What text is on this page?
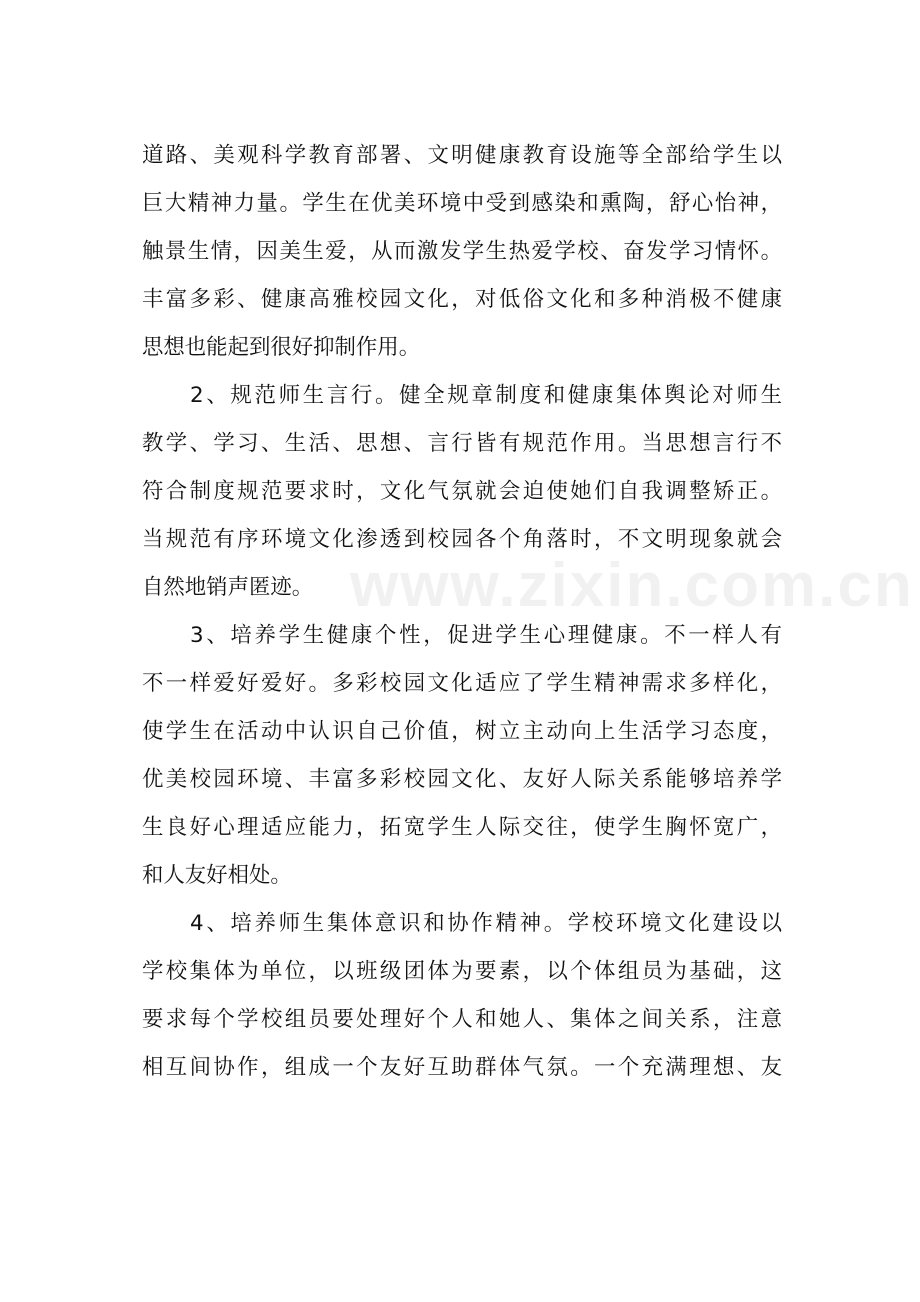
www.zixin.com.cn
道路、美观科学教育部署、文明健康教育设施等全部给学生以
巨大精神力量。学生在优美环境中受到感染和熏陶，舒心怡神，
触景生情，因美生爱，从而激发学生热爱学校、奋发学习情怀。
丰富多彩、健康高雅校园文化，对低俗文化和多种消极不健康
思想也能起到很好抑制作用。
2、规范师生言行。健全规章制度和健康集体舆论对师生
教学、学习、生活、思想、言行皆有规范作用。当思想言行不
符合制度规范要求时，文化气氛就会迫使她们自我调整矫正。
当规范有序环境文化渗透到校园各个角落时，不文明现象就会
自然地销声匿迹。
3、培养学生健康个性，促进学生心理健康。不一样人有
不一样爱好爱好。多彩校园文化适应了学生精神需求多样化，
使学生在活动中认识自己价值，树立主动向上生活学习态度，
优美校园环境、丰富多彩校园文化、友好人际关系能够培养学
生良好心理适应能力，拓宽学生人际交往，使学生胸怀宽广，
和人友好相处。
4、培养师生集体意识和协作精神。学校环境文化建设以
学校集体为单位，以班级团体为要素，以个体组员为基础，这
要求每个学校组员要处理好个人和她人、集体之间关系，注意
相互间协作，组成一个友好互助群体气氛。一个充满理想、友
